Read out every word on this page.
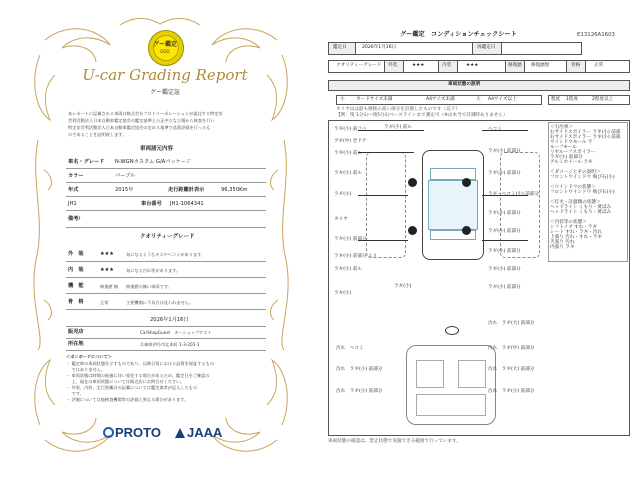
グー鑑定
GOO
U-car Grading Report
グー鑑定証
本レポートに記載される車両は株式会社プロトコーポレーションが委託する特定非
営利活動法人日本自動車鑑定協会の鑑定基準と公正中立な立場から検査を行い
特定非営利活動法人日本自動車鑑定協会の定める基準で品質評価を行ったも
のであることを証明致します。
車両諸元内容
車名・グレード N-WGNカスタム G/Aパッケージ
カラー	パープル
年式	2015年	走行距離計表示	96,350Km
JH1	車台番号 JH1-1064341
備考/
クオリティーグレード
外　装	★★★	気になるようなキズやヘコミがあります。
内　装	★★★	気になる汚れ等があります。
機　能	修復歴 無 修復歴の無い車両です。
骨　格	正常	主要機関に不具合は見られません。
2026年1月16日
販売店	CarShopGuest　カーショップゲスト
所在地	兵庫県伊丹市北本町 1-3-201-1
＜ポンボードについて＞
・ 鑑定時の車両状態を示すものであり、以降日常における品質を保証するもの
　 ではありません。
・ 車両状態は時間の経過に伴い変化する場合があるため、鑑定日をご確認の
　 上、現在の車両状態については販売店にお問合せください。
・ 外装、内装、走行距離計の記載については鑑定業者が記入したもの
　 です。
・ 評価については他検査機関等の評価と異なる場合があります。
PROTO JAAA
グー鑑定　コンディションチェックシート	E13126A1603
鑑定日	2026年1月16日	再鑑定日
クオリティーグレード 外装	★★★	内装	★★★	修復歴 修復歴無	骨格	正常
車両状態の説明
小 カードサイズ未満	A4サイズ未満	大 A4サイズ以上	程度 1程度	2程度以上
タイヤ山は最も摩耗の高い部分を計測したものです（以下）
【例：残 1分山〜残5分山ベースラインまで測定可（※山本当で計測時ありません）
ラギ(小) 前フバ	ラギ(小) 前ル
アギ(中) 全ドア
ラギ(小) 前ル
ラギ(小) 前ル
ラギ(小)
タイヤ
ラギ(小) 前部分
ラギ(小) 前部分 エリ
ラギ(小) 前ル
ラギ(小)
ラギ(小)
ヘコミ
ラギ(小) 前部分
ラギ(小) 前部分
ラギ・ヘコミ(小) 前部分
ラギ(小) 前部分
ラギ(小) 前部分
ラギ(小) 前部分
ラギ(小) 前部分
ラギ(小) 前部分
汚れ　ヘコミ
汚れ　ラギ(大) 前部分
汚れ　ラギ(中) 前部分
汚れ　ラギ(小) 前部分	汚れ　ラギ(大) 前部分
汚れ　ラギ(小) 前部分	汚れ　ラギ(小) 前部分
＜引出事＞
右サイドスポイラー ラギ(小) 前部
右サイドスポイラー ラギ(小) 前部
ウインドウモール 不
ルーフモール
リヤルーフスポイラー
ラギ(小) 前部分
アルミホイール ラギ
＜ダメージとその説明＞
フロントウインドウ 飛び石(小)
＜ウインドウの状態＞
フロントウインドウ 飛び石(小)
＜灯火・計器類の状態＞
ヘッドライト くもり・黄ばみ
ヘッドライト くもり・黄ばみ
＜内装等の状態＞
シフトノブ すれ・ラギ
シート すれ・ラギ・汚れ
上張り 汚れ・すれ・ラギ
天張り 汚れ
内張り ラギ
車両状態の確認は、禁止状態で実施できる範囲で行っています。
